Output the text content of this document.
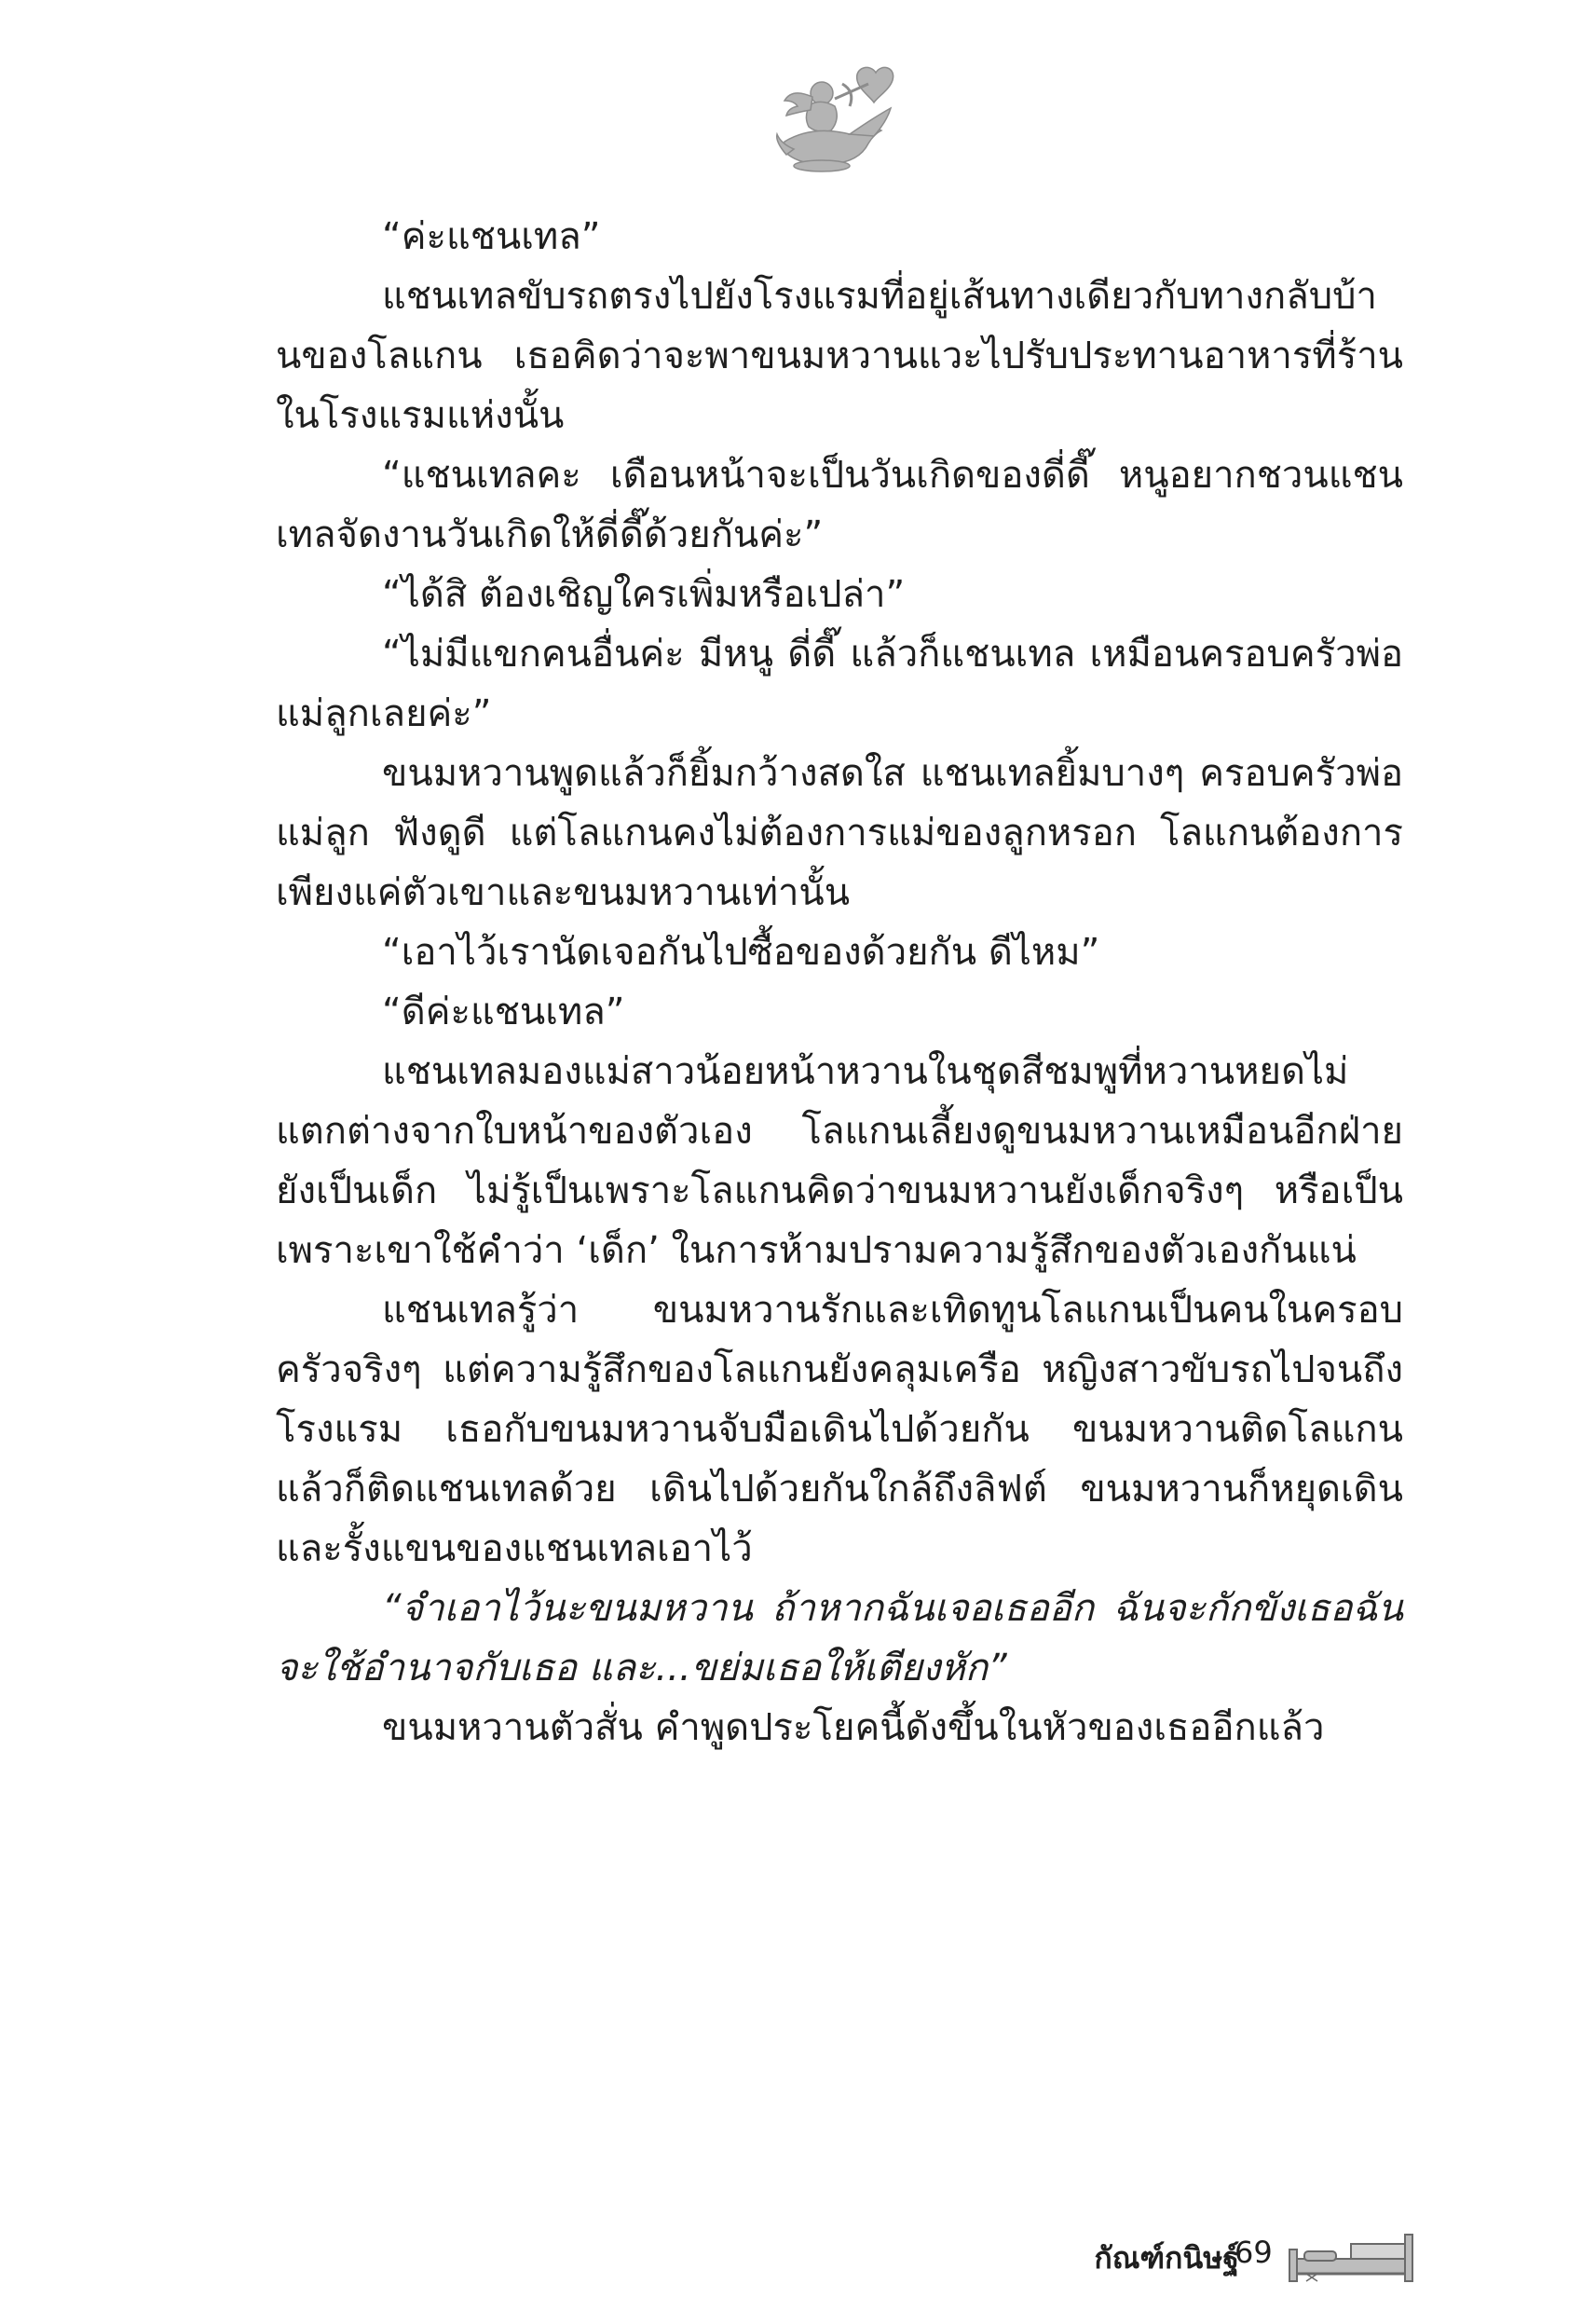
“ค่ะแชนเทล”

แชนเทลขับรถตรงไปยังโรงแรมที่อยู่เส้นทางเดียวกับทางกลับบ้านของโลแกน เธอคิดว่าจะพาขนมหวานแวะไปรับประทานอาหารที่ร้านในโรงแรมแห่งนั้น

“แชนเทลคะ เดือนหน้าจะเป็นวันเกิดของดี่ดี๊ หนูอยากชวนแชนเทลจัดงานวันเกิดให้ดี่ดี๊ด้วยกันค่ะ”

“ได้สิ ต้องเชิญใครเพิ่มหรือเปล่า”

“ไม่มีแขกคนอื่นค่ะ มีหนู ดี่ดี๊ แล้วก็แชนเทล เหมือนครอบครัวพ่อแม่ลูกเลยค่ะ”

ขนมหวานพูดแล้วก็ยิ้มกว้างสดใส แชนเทลยิ้มบางๆ ครอบครัวพ่อแม่ลูก ฟังดูดี แต่โลแกนคงไม่ต้องการแม่ของลูกหรอก โลแกนต้องการเพียงแค่ตัวเขาและขนมหวานเท่านั้น

“เอาไว้เรานัดเจอกันไปซื้อของด้วยกัน ดีไหม”

“ดีค่ะแชนเทล”

แชนเทลมองแม่สาวน้อยหน้าหวานในชุดสีชมพูที่หวานหยดไม่แตกต่างจากใบหน้าของตัวเอง โลแกนเลี้ยงดูขนมหวานเหมือนอีกฝ่ายยังเป็นเด็ก ไม่รู้เป็นเพราะโลแกนคิดว่าขนมหวานยังเด็กจริงๆ หรือเป็นเพราะเขาใช้คำว่า ‘เด็ก’ ในการห้ามปรามความรู้สึกของตัวเองกันแน่

แชนเทลรู้ว่า ขนมหวานรักและเทิดทูนโลแกนเป็นคนในครอบครัวจริงๆ แต่ความรู้สึกของโลแกนยังคลุมเครือ หญิงสาวขับรถไปจนถึงโรงแรม เธอกับขนมหวานจับมือเดินไปด้วยกัน ขนมหวานติดโลแกนแล้วก็ติดแชนเทลด้วย เดินไปด้วยกันใกล้ถึงลิฟต์ ขนมหวานก็หยุดเดินและรั้งแขนของแชนเทลเอาไว้

“จำเอาไว้นะขนมหวาน ถ้าหากฉันเจอเธออีก ฉันจะกักขังเธอฉันจะใช้อำนาจกับเธอ และ...ขย่มเธอให้เตียงหัก”

ขนมหวานตัวสั่น คำพูดประโยคนี้ดังขึ้นในหัวของเธออีกแล้ว

กัณฑ์กนิษฐ์
69
